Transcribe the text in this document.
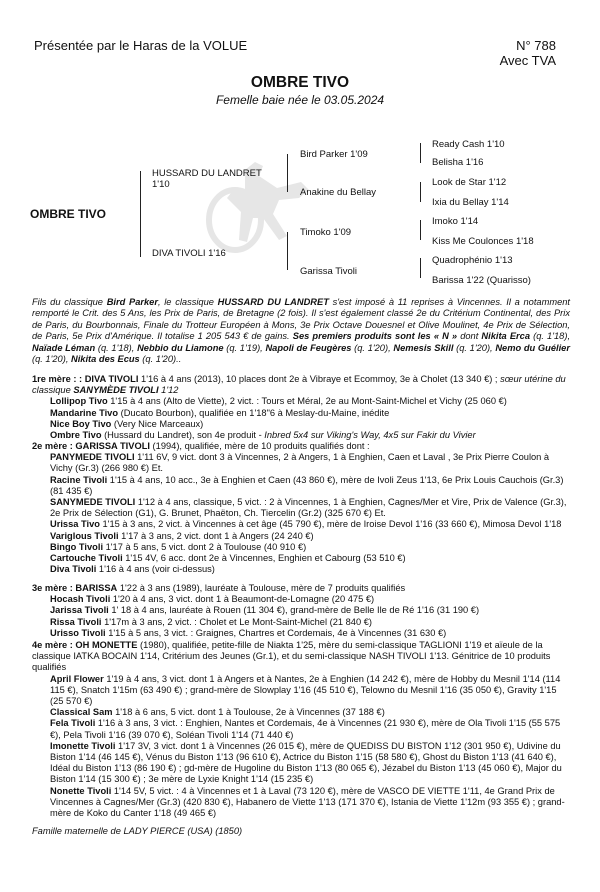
Présentée par le Haras de la VOLUE	N° 788
Avec TVA
OMBRE TIVO
Femelle baie née le 03.05.2024
OMBRE TIVO
HUSSARD DU LANDRET
1'10
DIVA TIVOLI 1'16
Bird Parker 1'09
Anakine du Bellay
Timoko 1'09
Garissa Tivoli
Ready Cash 1'10
Belisha 1'16
Look de Star 1'12
Ixia du Bellay 1'14
Imoko 1'14
Kiss Me Coulonces 1'18
Quadrophénio 1'13
Barissa 1'22 (Quarisso)
Fils du classique Bird Parker, le classique HUSSARD DU LANDRET s'est imposé à 11 reprises à Vincennes. Il a notamment remporté le Crit. des 5 Ans, les Prix de Paris, de Bretagne (2 fois). Il s'est également classé 2e du Critérium Continental, des Prix de Paris, du Bourbonnais, Finale du Trotteur Européen à Mons, 3e Prix Octave Douesnel et Olive Moulinet, 4e Prix de Sélection, de Paris, 5e Prix d'Amérique. Il totalise 1 205 543 € de gains. Ses premiers produits sont les « N » dont Nikita Erca (q. 1'18), Naïade Léman (q. 1'18), Nebbio du Liamone (q. 1'19), Napoli de Feugères (q. 1'20), Nemesis Skill (q. 1'20), Nemo du Guélier (q. 1'20), Nikita des Ecus (q. 1'20)..

1re mère : : DIVA TIVOLI 1'16 à 4 ans (2013), 10 places dont 2e à Vibraye et Ecommoy, 3e à Cholet (13 340 €) ; sœur utérine du classique SANYMÈDE TIVOLI 1'12

Lollipop Tivo 1'15 à 4 ans (Alto de Viette), 2 vict. : Tours et Méral, 2e au Mont-Saint-Michel et Vichy (25 060 €)

Mandarine Tivo (Ducato Bourbon), qualifiée en 1'18"6 à Meslay-du-Maine, inédite

Nice Boy Tivo (Very Nice Marceaux)

Ombre Tivo (Hussard du Landret), son 4e produit - Inbred 5x4 sur Viking's Way, 4x5 sur Fakir du Vivier

2e mère : GARISSA TIVOLI (1994), qualifiée, mère de 10 produits qualifiés dont :

PANYMEDE TIVOLI 1'11 6V, 9 vict. dont 3 à Vincennes, 2 à Angers, 1 à Enghien, Caen et Laval , 3e Prix Pierre Coulon à Vichy (Gr.3) (266 980 €) Et.

Racine Tivoli 1'15 à 4 ans, 10 acc., 3e à Enghien et Caen (43 860 €), mère de Ivoli Zeus 1'13, 6e Prix Louis Cauchois (Gr.3) (81 435 €)

SANYMEDE TIVOLI 1'12 à 4 ans, classique, 5 vict. : 2 à Vincennes, 1 à Enghien, Cagnes/Mer et Vire, Prix de Valence (Gr.3), 2e Prix de Sélection (G1), G. Brunet, Phaëton, Ch. Tiercelin (Gr.2) (325 670 €) Et.

Urissa Tivo 1'15 à 3 ans, 2 vict. à Vincennes à cet âge (45 790 €), mère de Iroise Devol 1'16 (33 660 €), Mimosa Devol 1'18

Variglous Tivoli 1'17 à 3 ans, 2 vict. dont 1 à Angers (24 240 €)

Bingo Tivoli 1'17 à 5 ans, 5 vict. dont 2 à Toulouse (40 910 €)

Cartouche Tivoli 1'15 4V, 6 acc. dont 2e à Vincennes, Enghien et Cabourg (53 510 €)

Diva Tivoli 1'16 à 4 ans (voir ci-dessus)

3e mère : BARISSA 1'22 à 3 ans (1989), lauréate à Toulouse, mère de 7 produits qualifiés

Hocash Tivoli 1'20 à 4 ans, 3 vict. dont 1 à Beaumont-de-Lomagne (20 475 €)

Jarissa Tivoli 1' 18 à 4 ans, lauréate à Rouen (11 304 €), grand-mère de Belle Ile de Ré 1'16 (31 190 €)

Rissa Tivoli 1'17m à 3 ans, 2 vict. : Cholet et Le Mont-Saint-Michel (21 840 €)

Urisso Tivoli 1'15 à 5 ans, 3 vict. : Graignes, Chartres et Cordemais, 4e à Vincennes (31 630 €)

4e mère : OH MONETTE (1980), qualifiée, petite-fille de Niakta 1'25, mère du semi-classique TAGLIONI 1'19 et aïeule de la classique IATKA BOCAIN 1'14, Critérium des Jeunes (Gr.1), et du semi-classique NASH TIVOLI 1'13. Génitrice de 10 produits qualifiés

April Flower 1'19 à 4 ans, 3 vict. dont 1 à Angers et à Nantes, 2e à Enghien (14 242 €), mère de Hobby du Mesnil 1'14 (114 115 €), Snatch 1'15m (63 490 €) ; grand-mère de Slowplay 1'16 (45 510 €), Telowno du Mesnil 1'16 (35 050 €), Gravity 1'15 (25 570 €)

Classical Sam 1'18 à 6 ans, 5 vict. dont 1 à Toulouse, 2e à Vincennes (37 188 €)

Fela Tivoli 1'16 à 3 ans, 3 vict. : Enghien, Nantes et Cordemais, 4e à Vincennes (21 930 €), mère de Ola Tivoli 1'15 (55 575 €), Pela Tivoli 1'16 (39 070 €), Soléan Tivoli 1'14 (71 440 €)

Imonette Tivoli 1'17 3V, 3 vict. dont 1 à Vincennes (26 015 €), mère de QUEDISS DU BISTON 1'12 (301 950 €), Udivine du Biston 1'14 (46 145 €), Vénus du Biston 1'13 (96 610 €), Actrice du Biston 1'15 (58 580 €), Ghost du Biston 1'13 (41 640 €), Idéal du Biston 1'13 (86 190 €) ; gd-mère de Hugoline du Biston 1'13 (80 065 €), Jézabel du Biston 1'13 (45 060 €), Major du Biston 1'14 (15 300 €) ; 3e mère de Lyxie Knight 1'14 (15 235 €)

Nonette Tivoli 1'14 5V, 5 vict. : 4 à Vincennes et 1 à Laval (73 120 €), mère de VASCO DE VIETTE 1'11, 4e Grand Prix de Vincennes à Cagnes/Mer (Gr.3) (420 830 €), Habanero de Viette 1'13 (171 370 €), Istania de Viette 1'12m (93 355 €) ; grand-mère de Koko du Canter 1'18 (49 465 €)

Famille maternelle de LADY PIERCE (USA) (1850)
